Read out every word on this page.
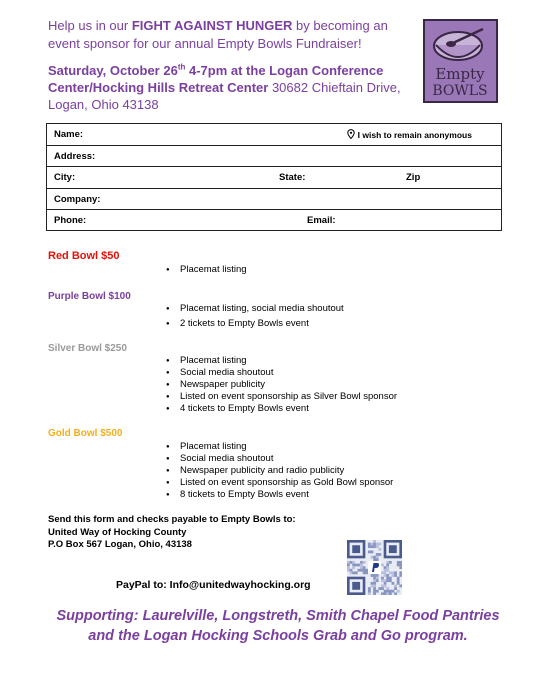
Help us in our FIGHT AGAINST HUNGER by becoming an event sponsor for our annual Empty Bowls Fundraiser!
Saturday, October 26th 4-7pm at the Logan Conference Center/Hocking Hills Retreat Center 30682 Chieftain Drive, Logan, Ohio 43138
Empty
BOWLS
Name:	I wish to remain anonymous
Address:
City:	State:	Zip
Company:
Phone:	Email:
Red Bowl $50
● Placemat listing
Purple Bowl $100
● Placemat listing, social media shoutout
● 2 tickets to Empty Bowls event
Silver Bowl $250
● Placemat listing
● Social media shoutout
● Newspaper publicity
● Listed on event sponsorship as Silver Bowl sponsor
● 4 tickets to Empty Bowls event
Gold Bowl $500
● Placemat listing
● Social media shoutout
● Newspaper publicity and radio publicity
● Listed on event sponsorship as Gold Bowl sponsor
● 8 tickets to Empty Bowls event
Send this form and checks payable to Empty Bowls to:
United Way of Hocking County
P.O Box 567 Logan, Ohio, 43138
PayPal to: Info@unitedwayhocking.org
Supporting: Laurelville, Longstreth, Smith Chapel Food Pantries
and the Logan Hocking Schools Grab and Go program.
